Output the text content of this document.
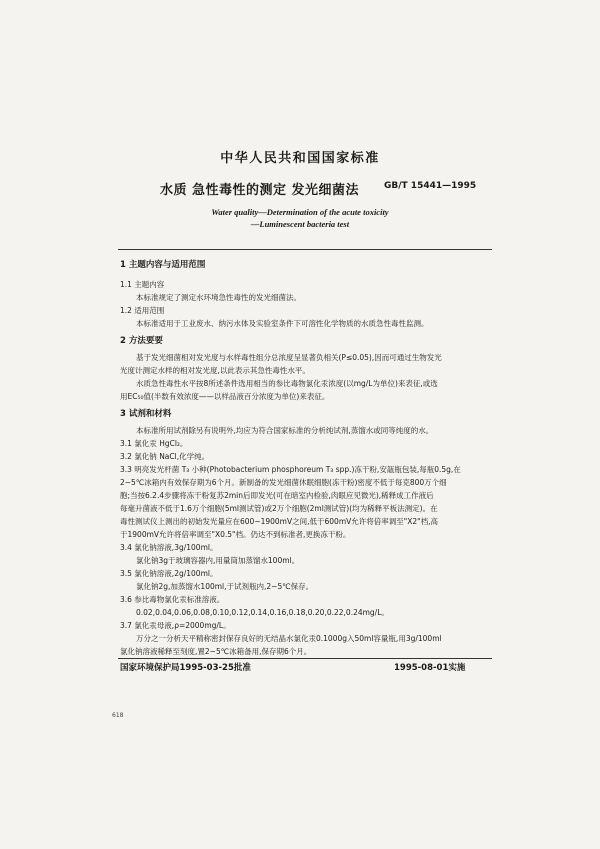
中华人民共和国国家标准
水质 急性毒性的测定 发光细菌法	GB/T 15441—1995
Water quality—Determination of the acute toxicity
—Luminescent bacteria test
1 主题内容与适用范围
1.1 主题内容
本标准规定了测定水环境急性毒性的发光细菌法。
1.2 适用范围
本标准适用于工业废水、纳污水体及实验室条件下可溶性化学物质的水质急性毒性监测。
2 方法要要
基于发光细菌相对发光度与水样毒性组分总浓度呈显著负相关(P≤0.05),因而可通过生物发光
光度计测定水样的相对发光度,以此表示其急性毒性水平。
水质急性毒性水平按8所述条件选用相当的参比毒物氯化汞浓度(以mg/L为单位)来表征,或选
用EC₅₀值(半数有效浓度——以样品液百分浓度为单位)来表征。
3 试剂和材料
本标准所用试剂除另有说明外,均应为符合国家标准的分析纯试剂,蒸馏水或同等纯度的水。
3.1 氯化汞 HgCl₂。
3.2 氯化钠 NaCl,化学纯。
3.3 明亮发光杆菌 T₃ 小种(Photobacterium phosphoreum T₃ spp.)冻干粉,安瓿瓶包装,每瓶0.5g,在
2~5℃冰箱内有效保存期为6个月。新制备的发光细菌休眠细胞(冻干粉)密度不低于每克800万个细
胞;当按6.2.4步骤将冻干粉复苏2min后即发光(可在暗室内检验,肉眼应见微光),稀释成工作液后
每毫升菌液不低于1.6万个细胞(5ml测试管)或2万个细胞(2ml测试管)(均为稀释平板法测定)。在
毒性测试仪上测出的初始发光量应在600~1900mV之间,低于600mV允许将倍率调至"X2"档,高
于1900mV允许将倍率调至"X0.5"档。仍达不到标准者,更换冻干粉。
3.4 氯化钠溶液,3g/100ml。
氯化钠3g于玻璃容器内,用量筒加蒸馏水100ml。
3.5 氯化钠溶液,2g/100ml。
氯化钠2g,加蒸馏水100ml,于试剂瓶内,2~5℃保存。
3.6 参比毒物氯化汞标准溶液。
0.02,0.04,0.06,0.08,0.10,0.12,0.14,0.16,0.18,0.20,0.22,0.24mg/L。
3.7 氯化汞母液,ρ=2000mg/L。
万分之一分析天平精称密封保存良好的无结晶水氯化汞0.1000g入50ml容量瓶,用3g/100ml
氯化钠溶液稀释至刻度,置2~5℃冰箱备用,保存期6个月。
国家环境保护局1995-03-25批准	1995-08-01实施
618
